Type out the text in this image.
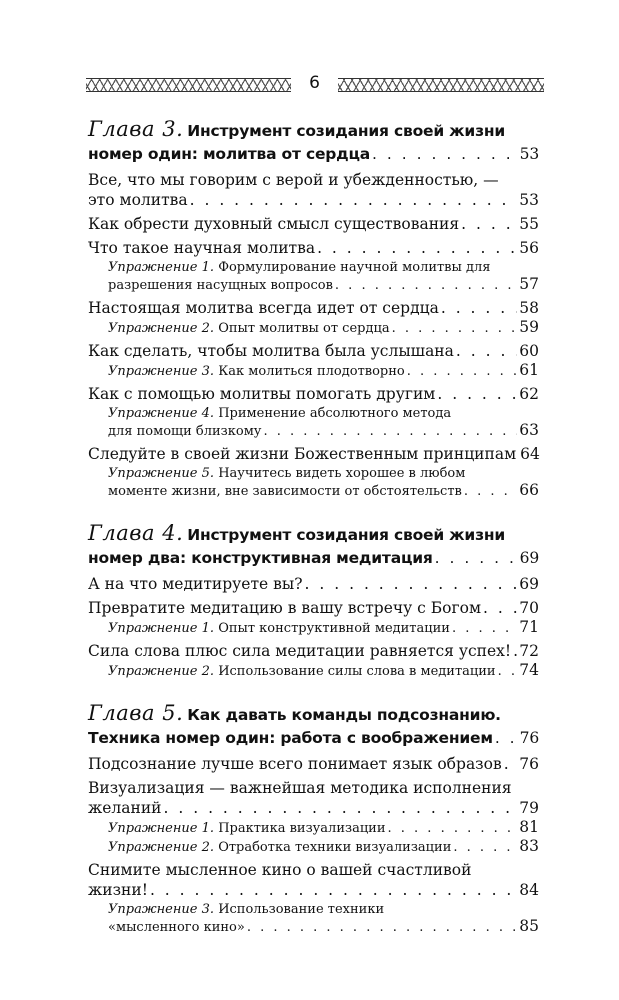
6
Глава 3. Инструмент созидания своей жизни
номер один: молитва от сердца . . .	53
Все, что мы говорим с верой и убежденностью, —
это молитва . . .	53
Как обрести духовный смысл существования . . .	55
Что такое научная молитва . . .	56
Упражнение 1. Формулирование научной молитвы для
разрешения насущных вопросов . . .	57
Настоящая молитва всегда идет от сердца . . .	58
Упражнение 2. Опыт молитвы от сердца . . .	59
Как сделать, чтобы молитва была услышана . . .	60
Упражнение 3. Как молиться плодотворно . . .	61
Как с помощью молитвы помогать другим . . .	62
Упражнение 4. Применение абсолютного метода
для помощи близкому . . .	63
Следуйте в своей жизни Божественным принципам 64
Упражнение 5. Научитесь видеть хорошее в любом
моменте жизни, вне зависимости от обстоятельств . . .	66
Глава 4. Инструмент созидания своей жизни
номер два: конструктивная медитация . . .	69
А на что медитируете вы? . . .	69
Превратите медитацию в вашу встречу с Богом . . . 70
Упражнение 1. Опыт конструктивной медитации . . .	71
Сила слова плюс сила медитации равняется успех! . . . 72
Упражнение 2. Использование силы слова в медитации . . . 74
Глава 5. Как давать команды подсознанию.
Техника номер один: работа с воображением . . . 76
Подсознание лучше всего понимает язык образов . . . 76
Визуализация — важнейшая методика исполнения
желаний . . .	79
Упражнение 1. Практика визуализации . . .	81
Упражнение 2. Отработка техники визуализации . . .	83
Снимите мысленное кино о вашей счастливой
жизни! . . .	84
Упражнение 3. Использование техники
«мысленного кино» . . .	85
